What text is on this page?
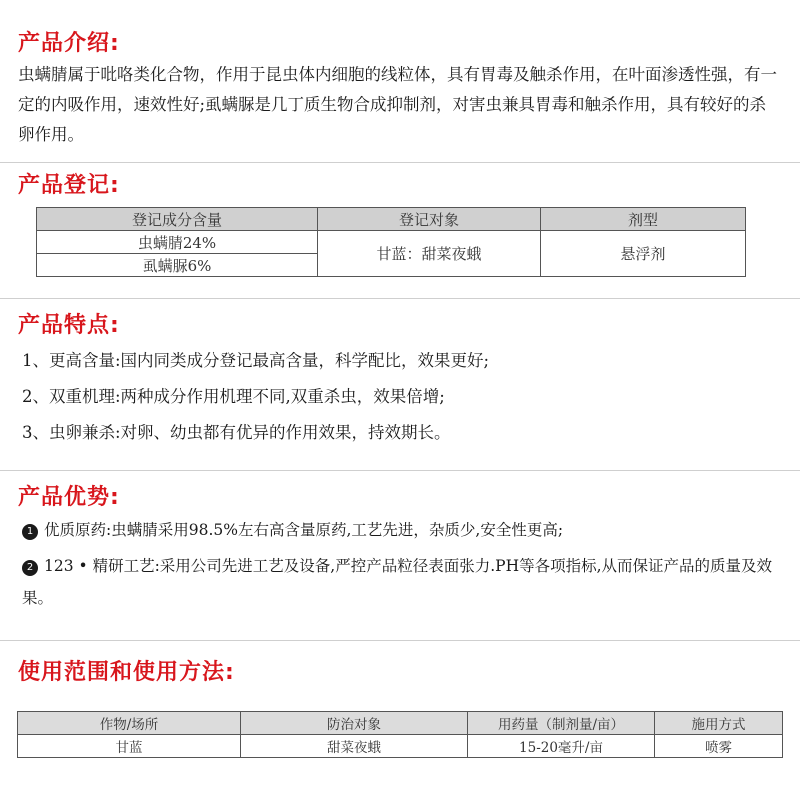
产品介绍:

虫螨腈属于吡咯类化合物，作用于昆虫体内细胞的线粒体，具有胃毒及触杀作用，在叶面渗透性强，有一定的内吸作用，速效性好;虱螨脲是几丁质生物合成抑制剂，对害虫兼具胃毒和触杀作用，具有较好的杀卵作用。

产品登记:
登记成分含量	登记对象	剂型
虫螨腈24%	甘蓝：甜菜夜蛾	悬浮剂
虱螨脲6%		
产品特点:

1、更高含量:国内同类成分登记最高含量，科学配比，效果更好;

2、双重机理:两种成分作用机理不同,双重杀虫，效果倍增;

3、虫卵兼杀:对卵、幼虫都有优异的作用效果，持效期长。

产品优势:

1 优质原药:虫螨腈采用98.5%左右高含量原药,工艺先进，杂质少,安全性更高;

2 123 • 精研工艺:采用公司先进工艺及设备,严控产品粒径表面张力.PH等各项指标,从而保证产品的质量及效果。

使用范围和使用方法:
作物/场所	防治对象	用药量（制剂量/亩）	施用方式
甘蓝	甜菜夜蛾	15-20毫升/亩	喷雾
